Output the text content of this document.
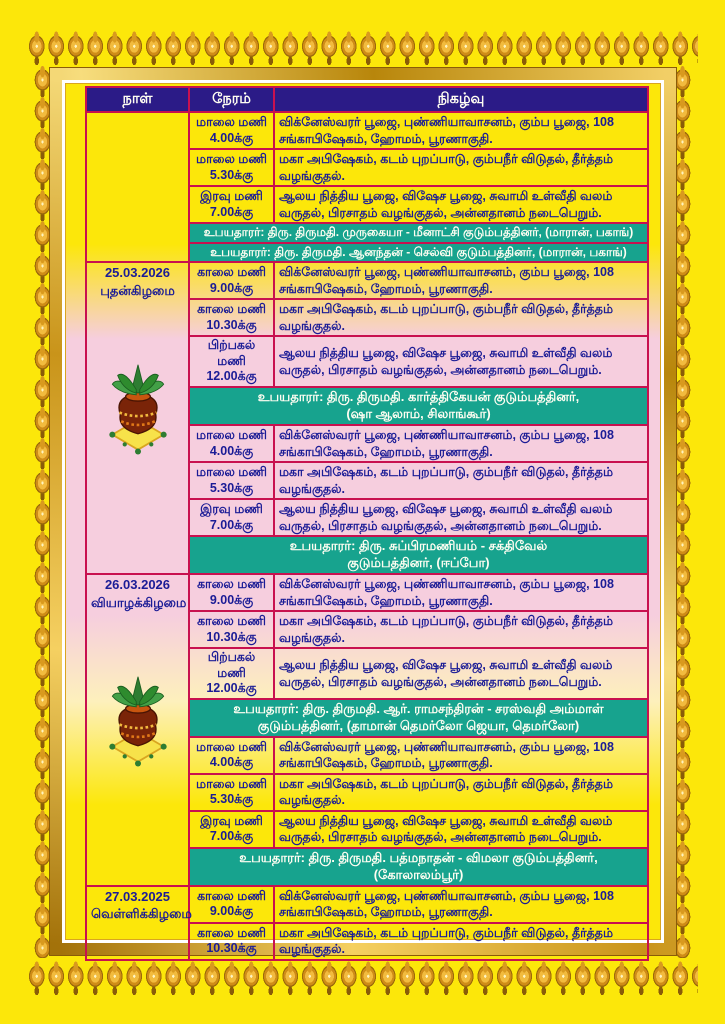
நாள்	நேரம்	நிகழ்வு
	மாலை மணி 4.00க்கு	விக்னேஸ்வரர் பூஜை, புண்ணியாவாசனம், கும்ப பூஜை, 108 சங்காபிஷேகம், ஹோமம், பூரணாகுதி.
	மாலை மணி 5.30க்கு	மகா அபிஷேகம், கடம் புறப்பாடு, கும்பநீர் விடுதல், தீர்த்தம் வழங்குதல்.
	இரவு மணி 7.00க்கு	ஆலய நித்திய பூஜை, விஷேச பூஜை, சுவாமி உள்வீதி வலம் வருதல், பிரசாதம் வழங்குதல், அன்னதானம் நடைபெறும்.
	உபயதாரர்: திரு. திருமதி. முருகையா - மீனாட்சி குடும்பத்தினர், (மாரான், பகாங்)	
	உபயதாரர்: திரு. திருமதி. ஆனந்தன் - செல்வி குடும்பத்தினர், (மாரான், பகாங்)	

25.03.2026
புதன்கிழமை	காலை மணி 9.00க்கு	விக்னேஸ்வரர் பூஜை, புண்ணியாவாசனம், கும்ப பூஜை, 108 சங்காபிஷேகம், ஹோமம், பூரணாகுதி.
	காலை மணி 10.30க்கு	மகா அபிஷேகம், கடம் புறப்பாடு, கும்பநீர் விடுதல், தீர்த்தம் வழங்குதல்.
	பிற்பகல் மணி 12.00க்கு	ஆலய நித்திய பூஜை, விஷேச பூஜை, சுவாமி உள்வீதி வலம் வருதல், பிரசாதம் வழங்குதல், அன்னதானம் நடைபெறும்.

	உபயதாரர்: திரு. திருமதி. கார்த்திகேயன் குடும்பத்தினர்,
(ஷா ஆலாம், சிலாங்கூர்)	

	மாலை மணி 4.00க்கு	விக்னேஸ்வரர் பூஜை, புண்ணியாவாசனம், கும்ப பூஜை, 108 சங்காபிஷேகம், ஹோமம், பூரணாகுதி.
	மாலை மணி 5.30க்கு	மகா அபிஷேகம், கடம் புறப்பாடு, கும்பநீர் விடுதல், தீர்த்தம் வழங்குதல்.
	இரவு மணி 7.00க்கு	ஆலய நித்திய பூஜை, விஷேச பூஜை, சுவாமி உள்வீதி வலம் வருதல், பிரசாதம் வழங்குதல், அன்னதானம் நடைபெறும்.

	உபயதாரர்: திரு. சுப்பிரமணியம் - சக்திவேல்
குடும்பத்தினர், (ஈப்போ)	

26.03.2026
வியாழக்கிழமை	காலை மணி 9.00க்கு	விக்னேஸ்வரர் பூஜை, புண்ணியாவாசனம், கும்ப பூஜை, 108 சங்காபிஷேகம், ஹோமம், பூரணாகுதி.
	காலை மணி 10.30க்கு	மகா அபிஷேகம், கடம் புறப்பாடு, கும்பநீர் விடுதல், தீர்த்தம் வழங்குதல்.
	பிற்பகல் மணி 12.00க்கு	ஆலய நித்திய பூஜை, விஷேச பூஜை, சுவாமி உள்வீதி வலம் வருதல், பிரசாதம் வழங்குதல், அன்னதானம் நடைபெறும்.

	உபயதாரர்: திரு. திருமதி. ஆர். ராமசந்திரன் - சரஸ்வதி அம்மாள்
குடும்பத்தினர், (தாமான் தெமர்லோ ஜெயா, தெமர்லோ)	

	மாலை மணி 4.00க்கு	விக்னேஸ்வரர் பூஜை, புண்ணியாவாசனம், கும்ப பூஜை, 108 சங்காபிஷேகம், ஹோமம், பூரணாகுதி.
	மாலை மணி 5.30க்கு	மகா அபிஷேகம், கடம் புறப்பாடு, கும்பநீர் விடுதல், தீர்த்தம் வழங்குதல்.
	இரவு மணி 7.00க்கு	ஆலய நித்திய பூஜை, விஷேச பூஜை, சுவாமி உள்வீதி வலம் வருதல், பிரசாதம் வழங்குதல், அன்னதானம் நடைபெறும்.

	உபயதாரர்: திரு. திருமதி. பத்மநாதன் - விமலா குடும்பத்தினர்,
(கோலாலம்பூர்)	

27.03.2025
வெள்ளிக்கிழமை	காலை மணி 9.00க்கு	விக்னேஸ்வரர் பூஜை, புண்ணியாவாசனம், கும்ப பூஜை, 108 சங்காபிஷேகம், ஹோமம், பூரணாகுதி.
	காலை மணி 10.30க்கு	மகா அபிஷேகம், கடம் புறப்பாடு, கும்பநீர் விடுதல், தீர்த்தம் வழங்குதல்.
